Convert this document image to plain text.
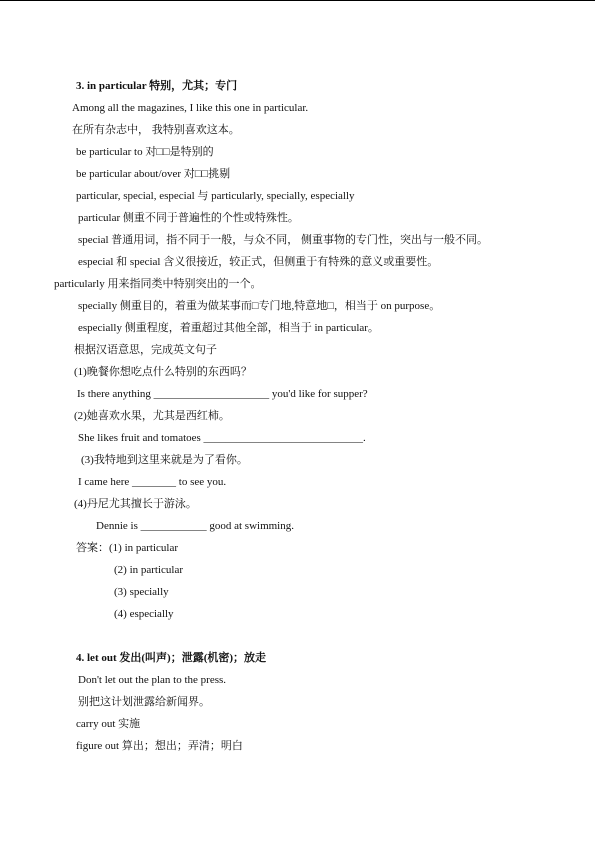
3. in particular 特别，尤其；专门
Among all the magazines, I like this one in particular.
在所有杂志中， 我特别喜欢这本。
be particular to 对□□是特别的
be particular about/over 对□□挑剔
particular, special, especial 与 particularly, specially, especially
particular 侧重不同于普遍性的个性或特殊性。
special 普通用词，指不同于一般，与众不同， 侧重事物的专门性，突出与一般不同。
especial 和 special 含义很接近，较正式，但侧重于有特殊的意义或重要性。
particularly 用来指同类中特别突出的一个。
specially 侧重目的，着重为做某事而□专门地,特意地□，相当于 on purpose。
especially 侧重程度，着重超过其他全部，相当于 in particular。
根据汉语意思，完成英文句子
(1)晚餐你想吃点什么特别的东西吗？
Is there anything _____________________ you'd like for supper?
(2)她喜欢水果，尤其是西红柿。
She likes fruit and tomatoes _____________________________.
(3)我特地到这里来就是为了看你。
I came here ________ to see you.
(4)丹尼尤其擅长于游泳。
Dennie is ____________ good at swimming.
答案：(1) in particular
(2) in particular
(3) specially
(4) especially
4. let out 发出(叫声)；泄露(机密)；放走
Don't let out the plan to the press.
别把这计划泄露给新闻界。
carry out 实施
figure out 算出；想出；弄清；明白
